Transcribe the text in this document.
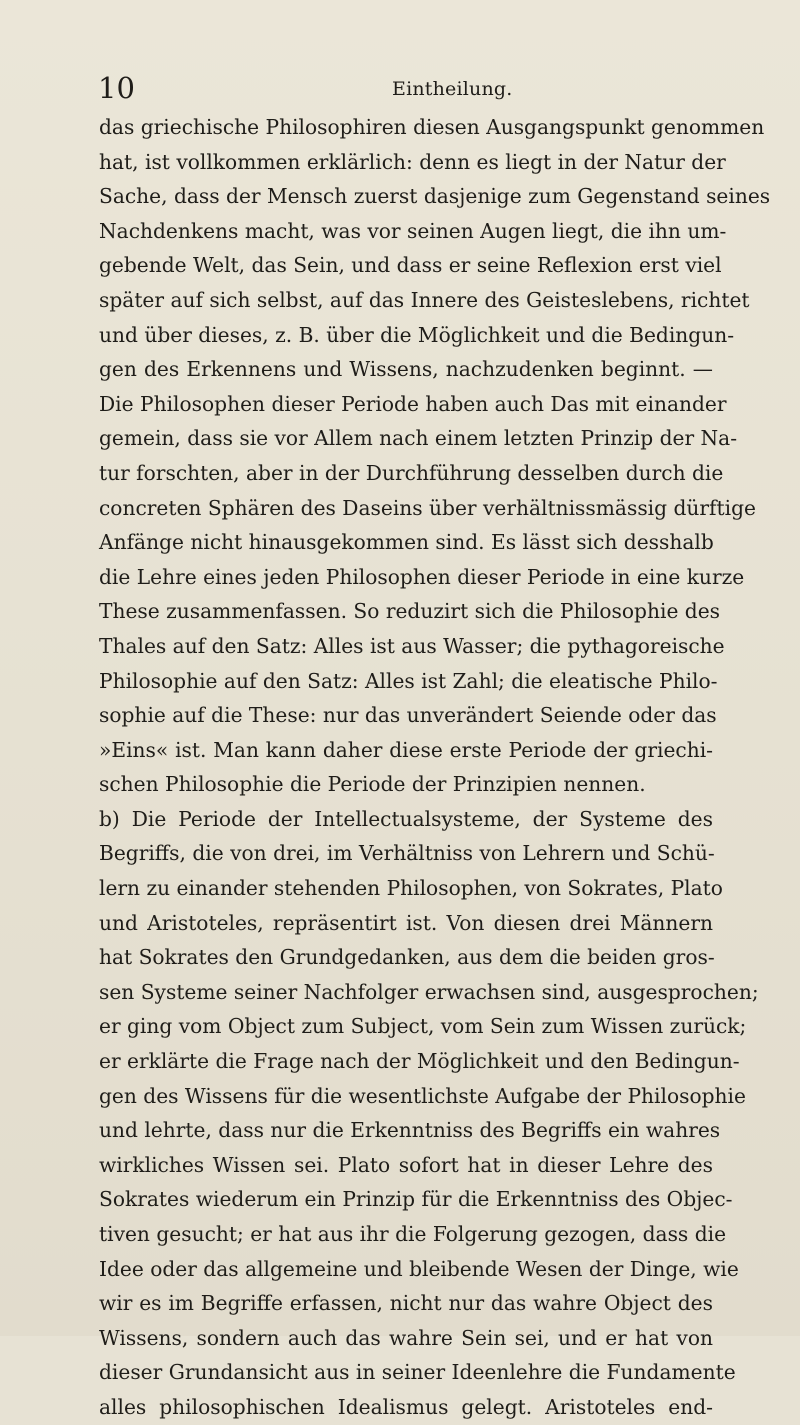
10	Eintheilung.
das griechische Philosophiren diesen Ausgangspunkt genommen
hat, ist vollkommen erklärlich: denn es liegt in der Natur der
Sache, dass der Mensch zuerst dasjenige zum Gegenstand seines
Nachdenkens macht, was vor seinen Augen liegt, die ihn um-
gebende Welt, das Sein, und dass er seine Reflexion erst viel
später auf sich selbst, auf das Innere des Geisteslebens, richtet
und über dieses, z. B. über die Möglichkeit und die Bedingun-
gen des Erkennens und Wissens, nachzudenken beginnt. —
Die Philosophen dieser Periode haben auch Das mit einander
gemein, dass sie vor Allem nach einem letzten Prinzip der Na-
tur forschten, aber in der Durchführung desselben durch die
concreten Sphären des Daseins über verhältnissmässig dürftige
Anfänge nicht hinausgekommen sind. Es lässt sich desshalb
die Lehre eines jeden Philosophen dieser Periode in eine kurze
These zusammenfassen. So reduzirt sich die Philosophie des
Thales auf den Satz: Alles ist aus Wasser; die pythagoreische
Philosophie auf den Satz: Alles ist Zahl; die eleatische Philo-
sophie auf die These: nur das unverändert Seiende oder das
»Eins« ist. Man kann daher diese erste Periode der griechi-
schen Philosophie die Periode der Prinzipien nennen.
b) Die Periode der Intellectualsysteme, der Systeme des
Begriffs, die von drei, im Verhältniss von Lehrern und Schü-
lern zu einander stehenden Philosophen, von Sokrates, Plato
und Aristoteles, repräsentirt ist. Von diesen drei Männern
hat Sokrates den Grundgedanken, aus dem die beiden gros-
sen Systeme seiner Nachfolger erwachsen sind, ausgesprochen;
er ging vom Object zum Subject, vom Sein zum Wissen zurück;
er erklärte die Frage nach der Möglichkeit und den Bedingun-
gen des Wissens für die wesentlichste Aufgabe der Philosophie
und lehrte, dass nur die Erkenntniss des Begriffs ein wahres
wirkliches Wissen sei. Plato sofort hat in dieser Lehre des
Sokrates wiederum ein Prinzip für die Erkenntniss des Objec-
tiven gesucht; er hat aus ihr die Folgerung gezogen, dass die
Idee oder das allgemeine und bleibende Wesen der Dinge, wie
wir es im Begriffe erfassen, nicht nur das wahre Object des
Wissens, sondern auch das wahre Sein sei, und er hat von
dieser Grundansicht aus in seiner Ideenlehre die Fundamente
alles philosophischen Idealismus gelegt. Aristoteles end-
